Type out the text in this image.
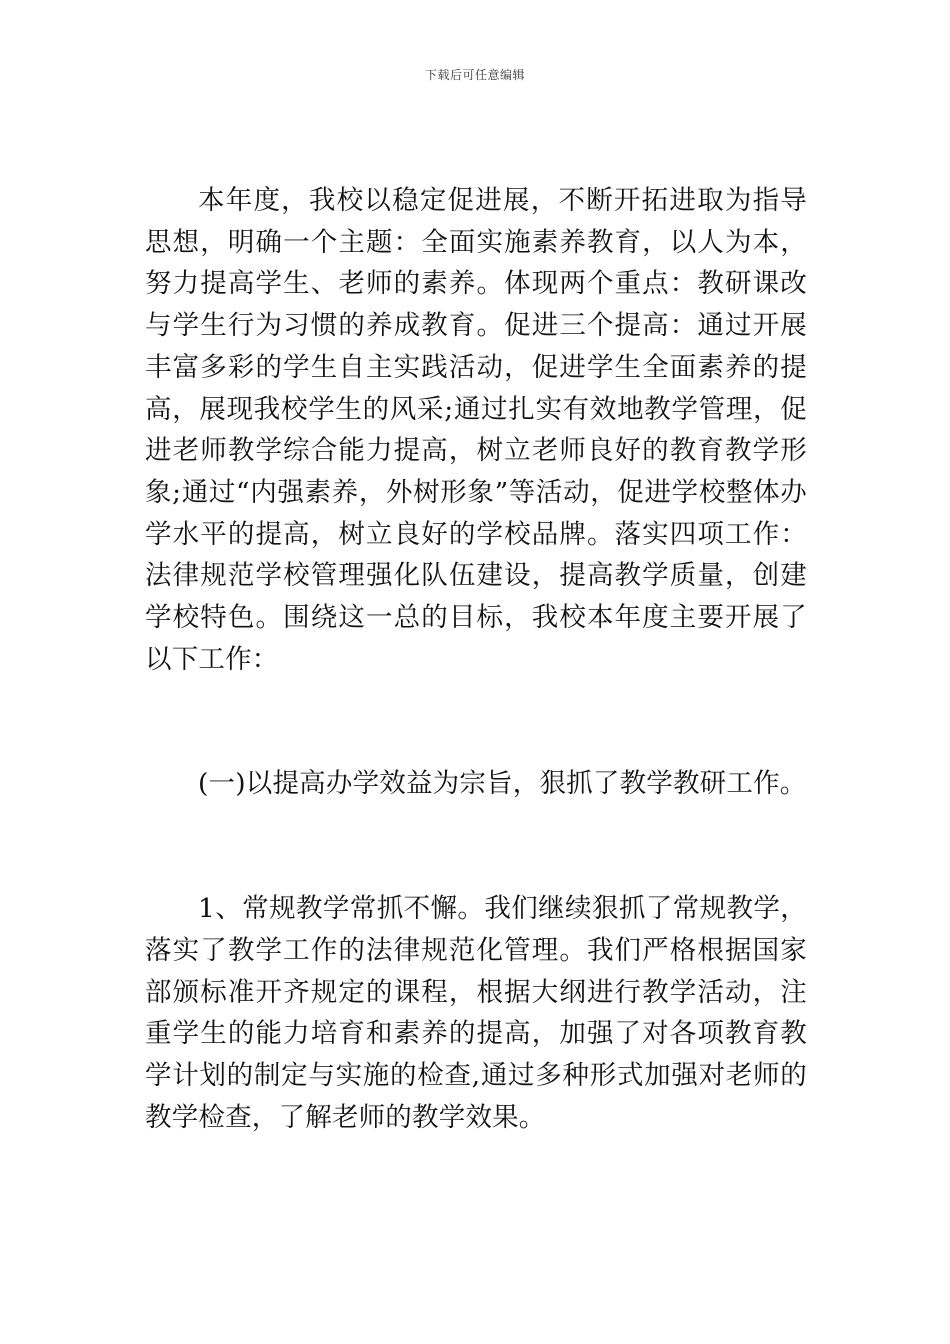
下载后可任意编辑

本年度，我校以稳定促进展，不断开拓进取为指导思想，明确一个主题：全面实施素养教育，以人为本，努力提高学生、老师的素养。体现两个重点：教研课改与学生行为习惯的养成教育。促进三个提高：通过开展丰富多彩的学生自主实践活动，促进学生全面素养的提高，展现我校学生的风采;通过扎实有效地教学管理，促进老师教学综合能力提高，树立老师良好的教育教学形象;通过“内强素养，外树形象”等活动，促进学校整体办学水平的提高，树立良好的学校品牌。落实四项工作：法律规范学校管理强化队伍建设，提高教学质量，创建学校特色。围绕这一总的目标，我校本年度主要开展了以下工作：

(一)以提高办学效益为宗旨，狠抓了教学教研工作。

1、常规教学常抓不懈。我们继续狠抓了常规教学，落实了教学工作的法律规范化管理。我们严格根据国家部颁标准开齐规定的课程，根据大纲进行教学活动，注重学生的能力培育和素养的提高，加强了对各项教育教学计划的制定与实施的检查,通过多种形式加强对老师的教学检查，了解老师的教学效果。
